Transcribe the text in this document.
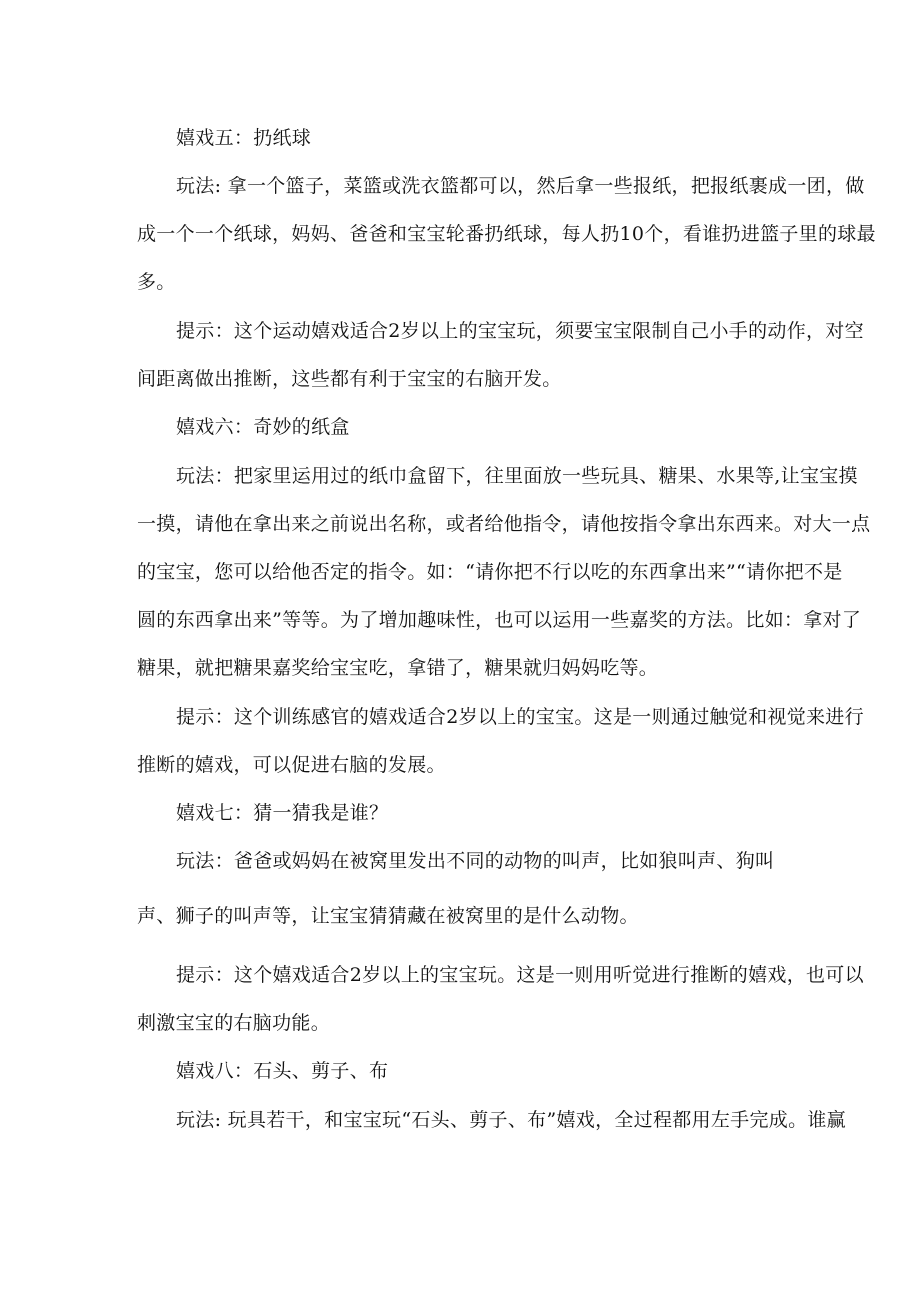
嬉戏五：扔纸球
玩法: 拿一个篮子，菜篮或洗衣篮都可以，然后拿一些报纸，把报纸裹成一团，做
成一个一个纸球，妈妈、爸爸和宝宝轮番扔纸球，每人扔10个，看谁扔进篮子里的球最
多。
提示：这个运动嬉戏适合2岁以上的宝宝玩，须要宝宝限制自己小手的动作，对空
间距离做出推断，这些都有利于宝宝的右脑开发。
嬉戏六：奇妙的纸盒
玩法：把家里运用过的纸巾盒留下，往里面放一些玩具、糖果、水果等,让宝宝摸
一摸，请他在拿出来之前说出名称，或者给他指令，请他按指令拿出东西来。对大一点
的宝宝，您可以给他否定的指令。如：“请你把不行以吃的东西拿出来”“请你把不是
圆的东西拿出来”等等。为了增加趣味性，也可以运用一些嘉奖的方法。比如：拿对了
糖果，就把糖果嘉奖给宝宝吃，拿错了，糖果就归妈妈吃等。
提示：这个训练感官的嬉戏适合2岁以上的宝宝。这是一则通过触觉和视觉来进行
推断的嬉戏，可以促进右脑的发展。
嬉戏七：猜一猜我是谁？
玩法：爸爸或妈妈在被窝里发出不同的动物的叫声，比如狼叫声、狗叫
声、狮子的叫声等，让宝宝猜猜藏在被窝里的是什么动物。
提示：这个嬉戏适合2岁以上的宝宝玩。这是一则用听觉进行推断的嬉戏，也可以
刺激宝宝的右脑功能。
嬉戏八：石头、剪子、布
玩法: 玩具若干，和宝宝玩“石头、剪子、布”嬉戏，全过程都用左手完成。谁赢
